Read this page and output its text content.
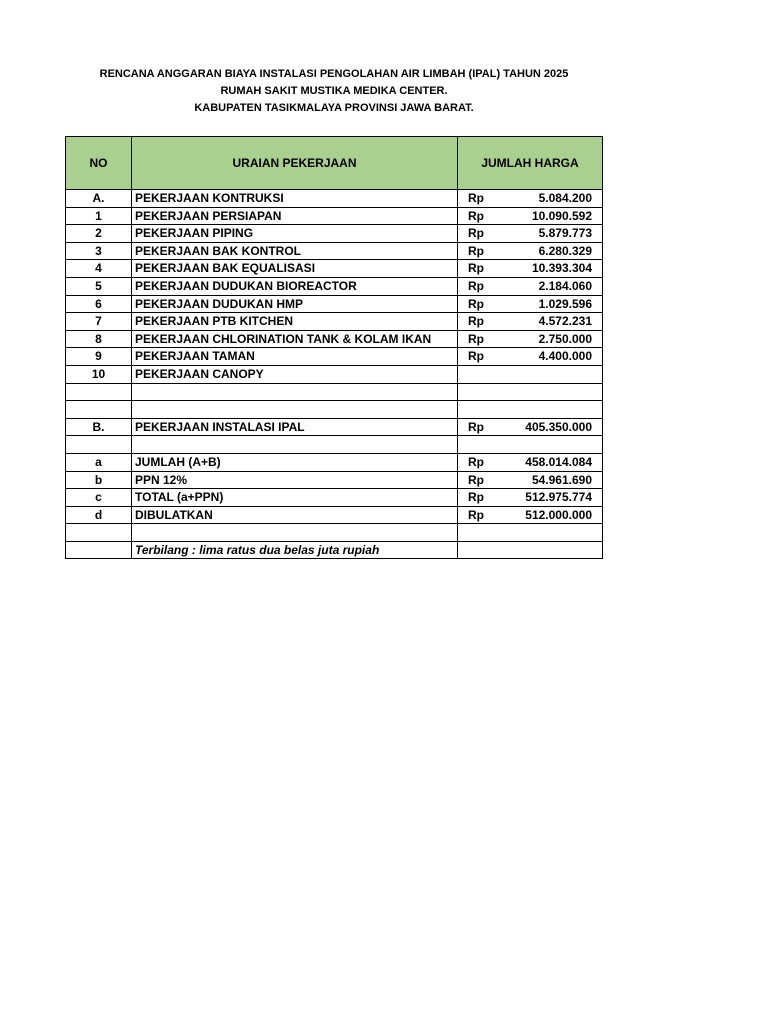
RENCANA ANGGARAN BIAYA INSTALASI PENGOLAHAN AIR LIMBAH (IPAL) TAHUN 2025
RUMAH SAKIT MUSTIKA MEDIKA CENTER.
KABUPATEN TASIKMALAYA PROVINSI JAWA BARAT.
NO	URAIAN PEKERJAAN	JUMLAH HARGA
A.	PEKERJAAN KONTRUKSI	Rp 5.084.200

1	PEKERJAAN PERSIAPAN	Rp 10.090.592

2	PEKERJAAN PIPING	Rp 5.879.773

3	PEKERJAAN BAK KONTROL	Rp 6.280.329

4	PEKERJAAN BAK EQUALISASI	Rp 10.393.304

5	PEKERJAAN DUDUKAN BIOREACTOR	Rp 2.184.060

6	PEKERJAAN DUDUKAN HMP	Rp 1.029.596

7	PEKERJAAN PTB KITCHEN	Rp 4.572.231

8	PEKERJAAN CHLORINATION TANK & KOLAM IKAN	Rp 2.750.000

9	PEKERJAAN TAMAN	Rp 4.400.000

10	PEKERJAAN CANOPY	

B.	PEKERJAAN INSTALASI IPAL	Rp 405.350.000

a	JUMLAH (A+B)	Rp 458.014.084

b	PPN 12%	Rp 54.961.690

c	TOTAL (a+PPN)	Rp 512.975.774

d	DIBULATKAN	Rp 512.000.000

	Terbilang : lima ratus dua belas juta rupiah	
